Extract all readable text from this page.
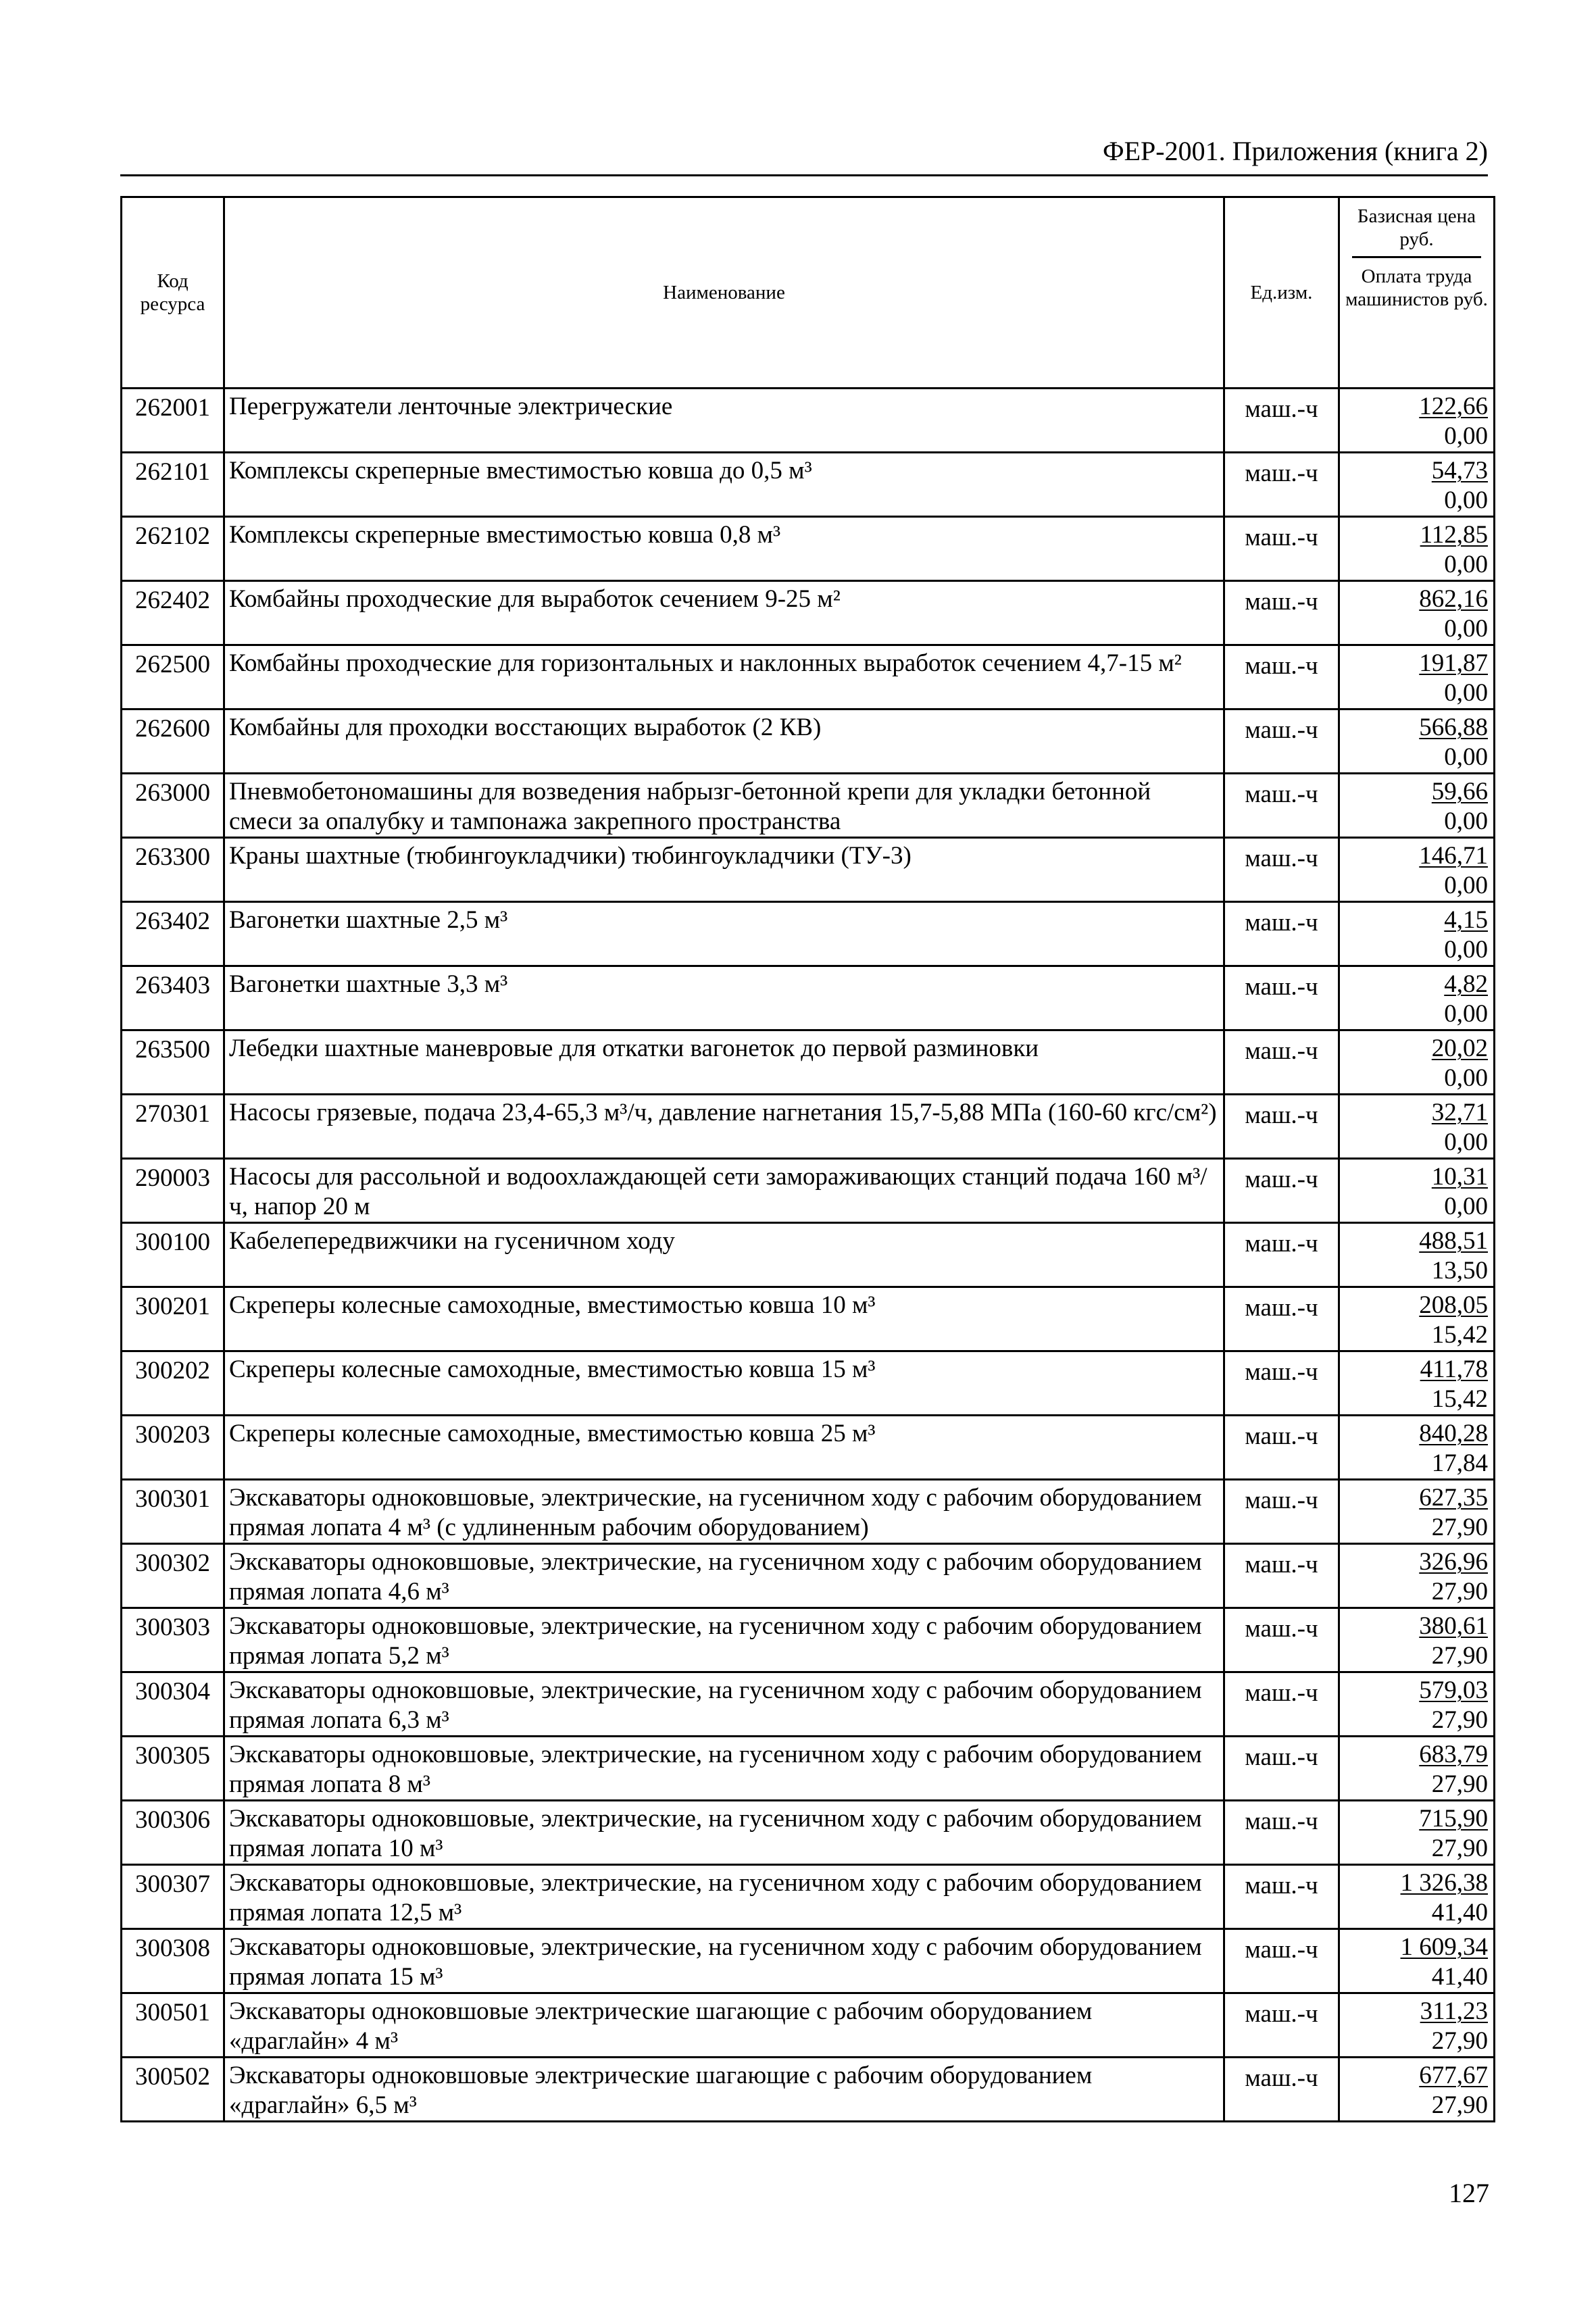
ФЕР-2001. Приложения (книга 2)
Код ресурса	Наименование	Ед.изм.	Базисная цена руб.
Оплата труда машинистов руб.
262001	Перегружатели ленточные электрические	маш.-ч	122,66
0,00

262101	Комплексы скреперные вместимостью ковша до 0,5 м³	маш.-ч	54,73
0,00

262102	Комплексы скреперные вместимостью ковша 0,8 м³	маш.-ч	112,85
0,00

262402	Комбайны проходческие для выработок сечением 9-25 м²	маш.-ч	862,16
0,00

262500	Комбайны проходческие для горизонтальных и наклонных выработок сечением 4,7-15 м²	маш.-ч	191,87
0,00

262600	Комбайны для проходки восстающих выработок (2 КВ)	маш.-ч	566,88
0,00

263000	Пневмобетономашины для возведения набрызг-бетонной крепи для укладки бетонной смеси за опалубку и тампонажа закрепного пространства	маш.-ч	59,66
0,00

263300	Краны шахтные (тюбингоукладчики) тюбингоукладчики (ТУ-3)	маш.-ч	146,71
0,00

263402	Вагонетки шахтные 2,5 м³	маш.-ч	4,15
0,00

263403	Вагонетки шахтные 3,3 м³	маш.-ч	4,82
0,00

263500	Лебедки шахтные маневровые для откатки вагонеток до первой разминовки	маш.-ч	20,02
0,00

270301	Насосы грязевые, подача 23,4-65,3 м³/ч, давление нагнетания 15,7-5,88 МПа (160-60 кгс/см²)	маш.-ч	32,71
0,00

290003	Насосы для рассольной и водоохлаждающей сети замораживающих станций подача 160 м³/ч, напор 20 м	маш.-ч	10,31
0,00

300100	Кабелепередвижчики на гусеничном ходу	маш.-ч	488,51
13,50

300201	Скреперы колесные самоходные, вместимостью ковша 10 м³	маш.-ч	208,05
15,42

300202	Скреперы колесные самоходные, вместимостью ковша 15 м³	маш.-ч	411,78
15,42

300203	Скреперы колесные самоходные, вместимостью ковша 25 м³	маш.-ч	840,28
17,84

300301	Экскаваторы одноковшовые, электрические, на гусеничном ходу с рабочим оборудованием прямая лопата 4 м³ (с удлиненным рабочим оборудованием)	маш.-ч	627,35
27,90

300302	Экскаваторы одноковшовые, электрические, на гусеничном ходу с рабочим оборудованием прямая лопата 4,6 м³	маш.-ч	326,96
27,90

300303	Экскаваторы одноковшовые, электрические, на гусеничном ходу с рабочим оборудованием прямая лопата 5,2 м³	маш.-ч	380,61
27,90

300304	Экскаваторы одноковшовые, электрические, на гусеничном ходу с рабочим оборудованием прямая лопата 6,3 м³	маш.-ч	579,03
27,90

300305	Экскаваторы одноковшовые, электрические, на гусеничном ходу с рабочим оборудованием прямая лопата 8 м³	маш.-ч	683,79
27,90

300306	Экскаваторы одноковшовые, электрические, на гусеничном ходу с рабочим оборудованием прямая лопата 10 м³	маш.-ч	715,90
27,90

300307	Экскаваторы одноковшовые, электрические, на гусеничном ходу с рабочим оборудованием прямая лопата 12,5 м³	маш.-ч	1 326,38
41,40

300308	Экскаваторы одноковшовые, электрические, на гусеничном ходу с рабочим оборудованием прямая лопата 15 м³	маш.-ч	1 609,34
41,40

300501	Экскаваторы одноковшовые электрические шагающие с рабочим оборудованием «драглайн» 4 м³	маш.-ч	311,23
27,90

300502	Экскаваторы одноковшовые электрические шагающие с рабочим оборудованием «драглайн» 6,5 м³	маш.-ч	677,67
27,90
127
